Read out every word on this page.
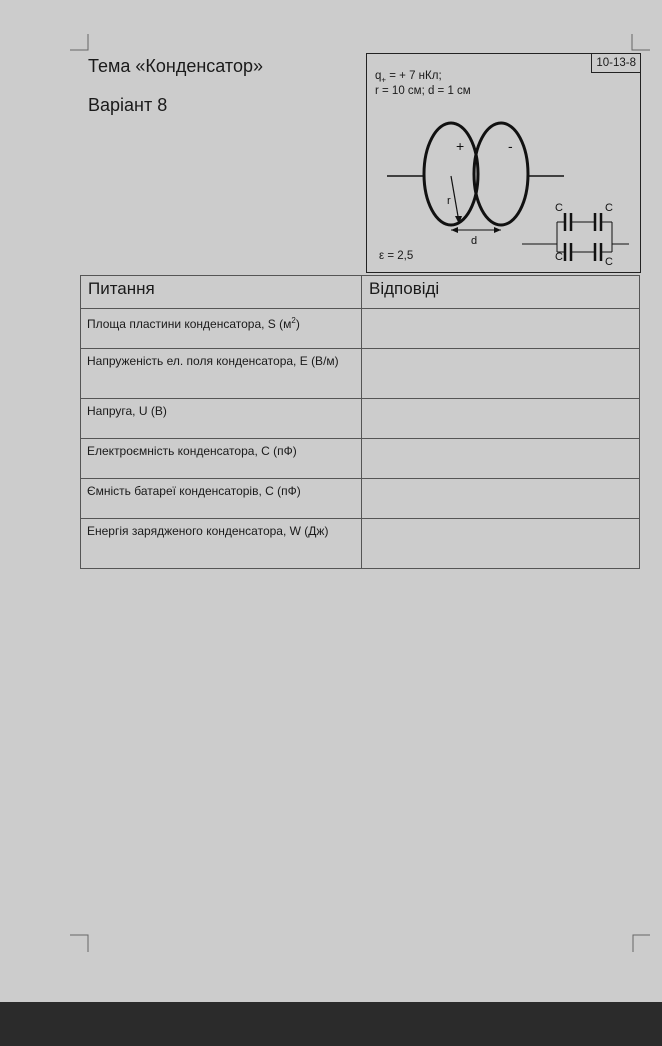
Тема «Конденсатор»
Варіант 8
10-13-8
$q_+$ = + 7 нКл;
r = 10 см; d = 1 см
ε = 2,5
+	-
r
d
C	C
C	C
Питання	Відповіді
Площа пластини конденсатора, S $(м^2)$	
Напруженість ел. поля конденсатора, E (В/м)	
Напруга, U (В)	
Електроємність конденсатора, C (пФ)	
Ємність батареї конденсаторів, C (пФ)	
Енергія зарядженого конденсатора, W (Дж)	
